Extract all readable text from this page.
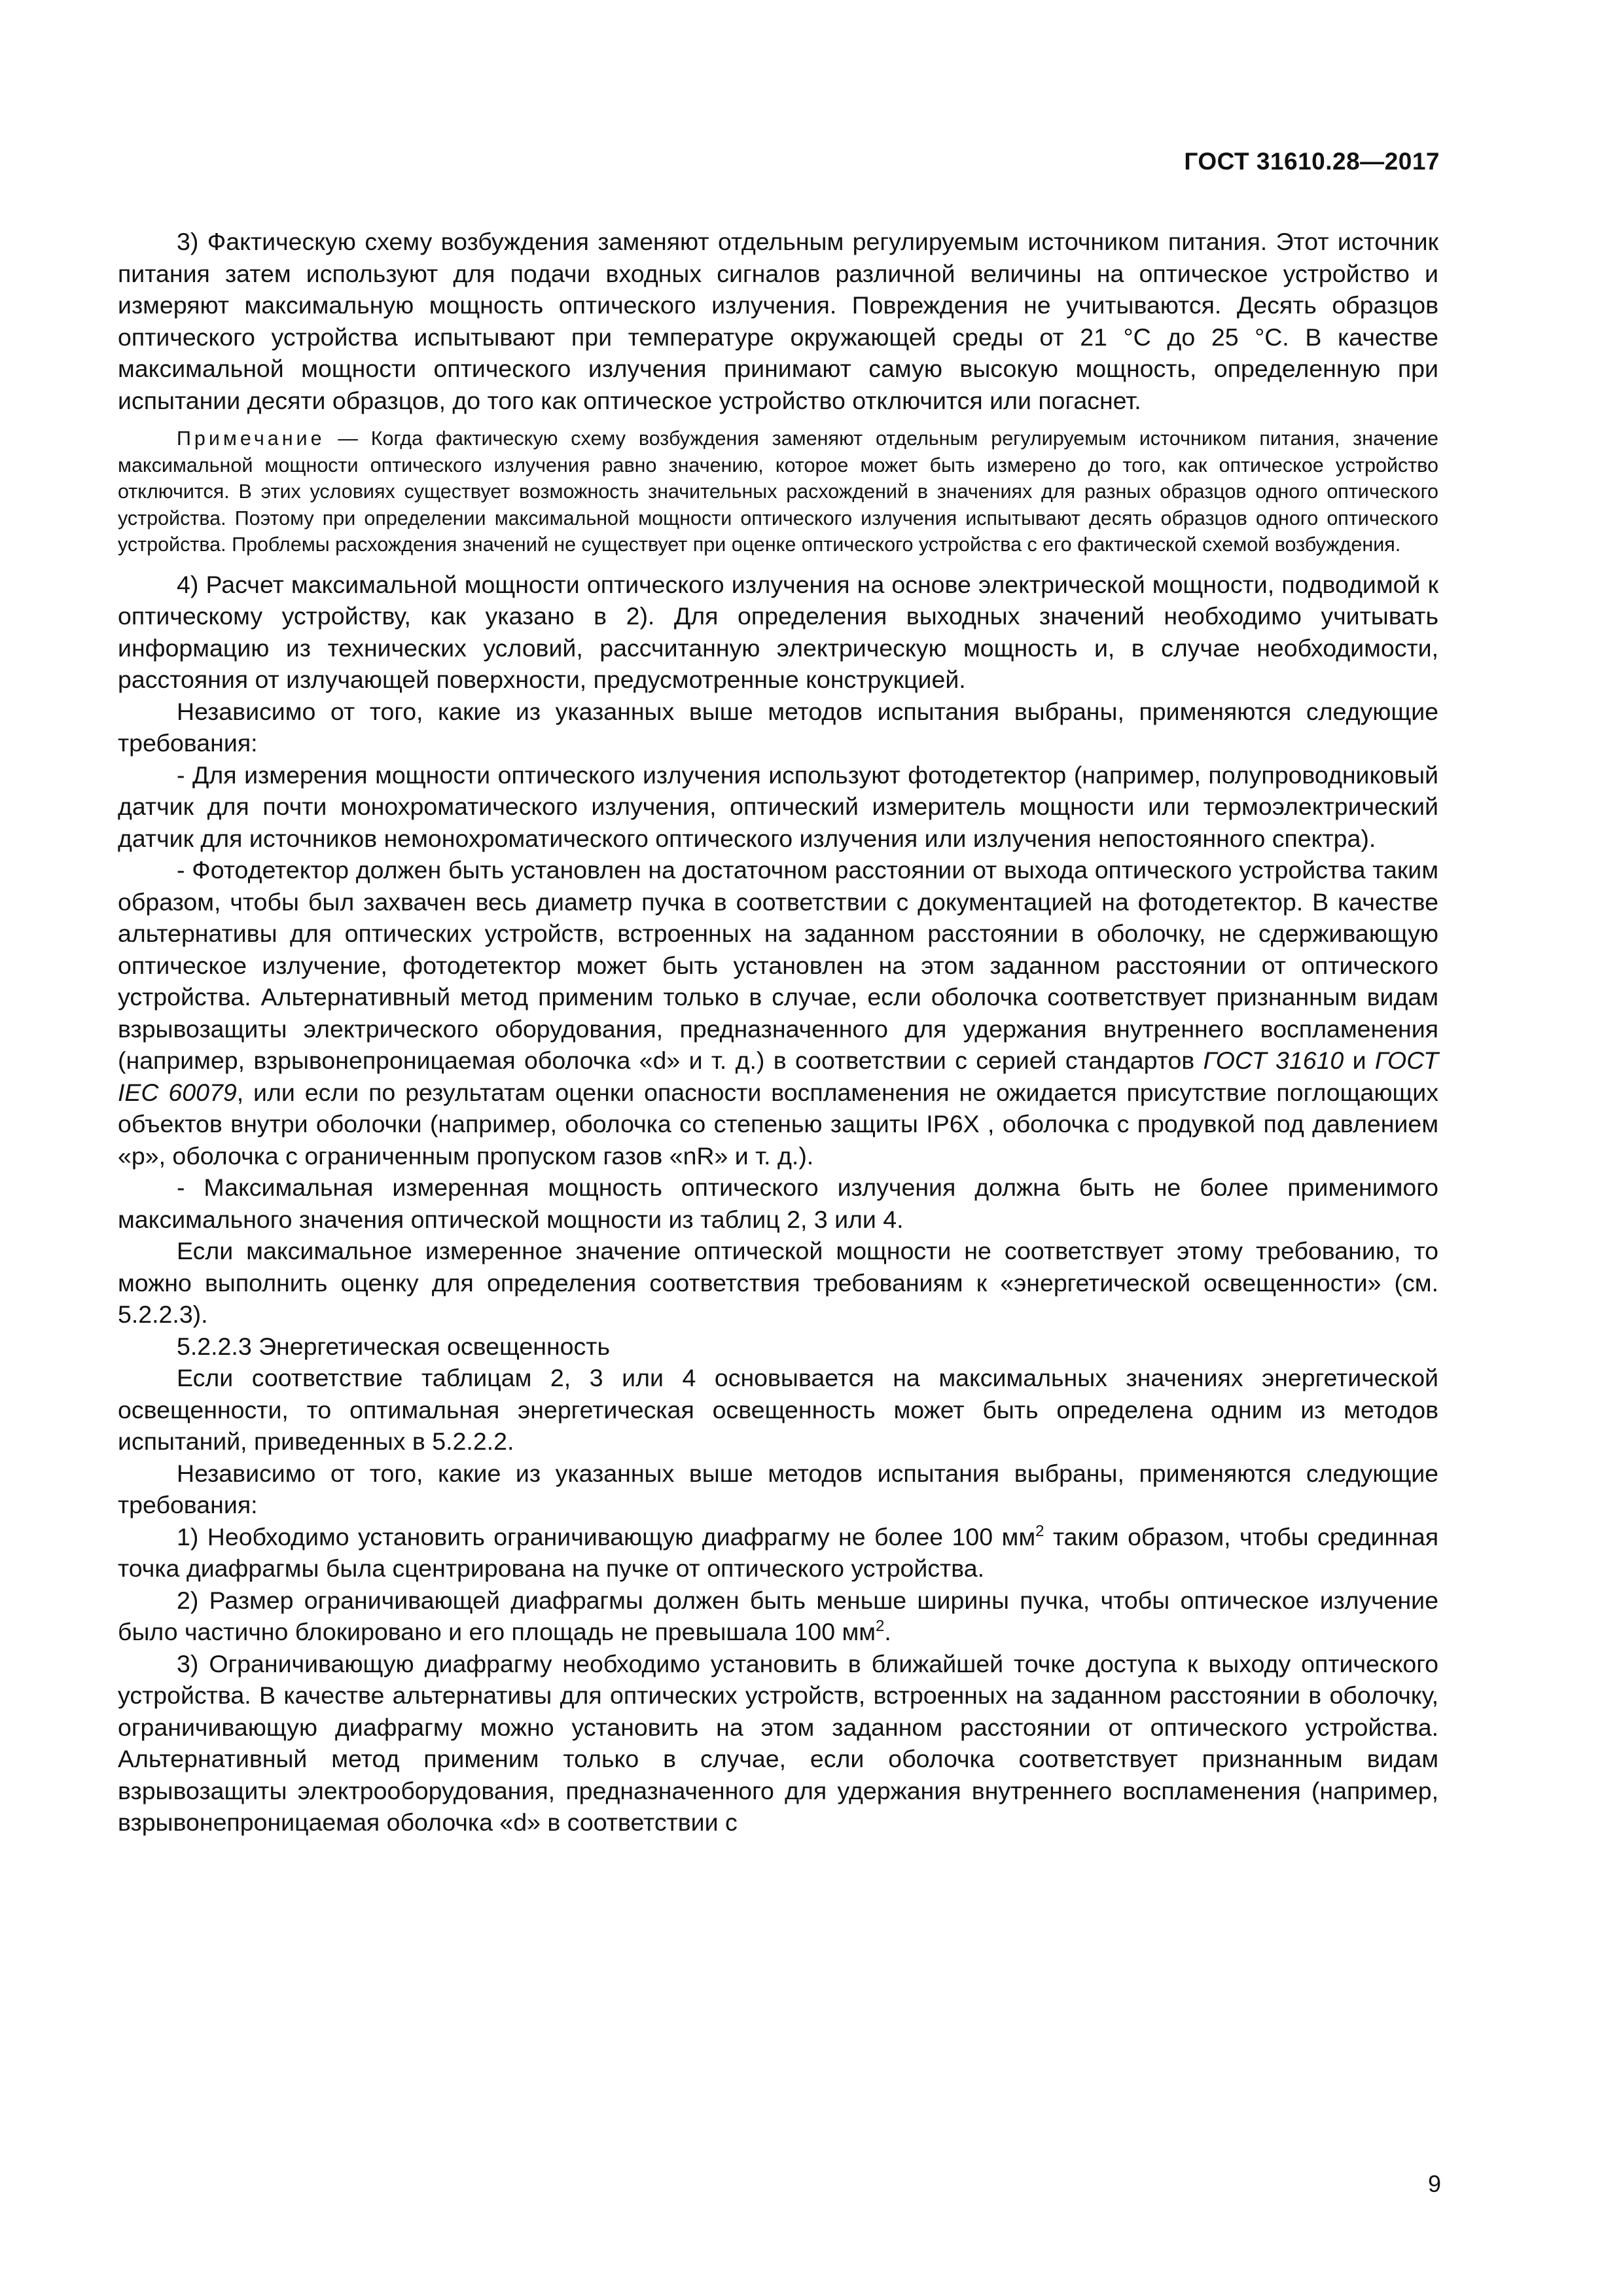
ГОСТ 31610.28—2017

3) Фактическую схему возбуждения заменяют отдельным регулируемым источником питания. Этот источник питания затем используют для подачи входных сигналов различной величины на оптическое устройство и измеряют максимальную мощность оптического излучения. Повреждения не учитываются. Десять образцов оптического устройства испытывают при температуре окружающей среды от 21 °С до 25 °С. В качестве максимальной мощности оптического излучения принимают самую высокую мощность, определенную при испытании десяти образцов, до того как оптическое устройство отключится или погаснет.

Примечание — Когда фактическую схему возбуждения заменяют отдельным регулируемым источником питания, значение максимальной мощности оптического излучения равно значению, которое может быть измерено до того, как оптическое устройство отключится. В этих условиях существует возможность значительных расхождений в значениях для разных образцов одного оптического устройства. Поэтому при определении максимальной мощности оптического излучения испытывают десять образцов одного оптического устройства. Проблемы расхождения значений не существует при оценке оптического устройства с его фактической схемой возбуждения.

4) Расчет максимальной мощности оптического излучения на основе электрической мощности, подводимой к оптическому устройству, как указано в 2). Для определения выходных значений необходимо учитывать информацию из технических условий, рассчитанную электрическую мощность и, в случае необходимости, расстояния от излучающей поверхности, предусмотренные конструкцией.

Независимо от того, какие из указанных выше методов испытания выбраны, применяются следующие требования:

- Для измерения мощности оптического излучения используют фотодетектор (например, полупроводниковый датчик для почти монохроматического излучения, оптический измеритель мощности или термоэлектрический датчик для источников немонохроматического оптического излучения или излучения непостоянного спектра).

- Фотодетектор должен быть установлен на достаточном расстоянии от выхода оптического устройства таким образом, чтобы был захвачен весь диаметр пучка в соответствии с документацией на фотодетектор. В качестве альтернативы для оптических устройств, встроенных на заданном расстоянии в оболочку, не сдерживающую оптическое излучение, фотодетектор может быть установлен на этом заданном расстоянии от оптического устройства. Альтернативный метод применим только в случае, если оболочка соответствует признанным видам взрывозащиты электрического оборудования, предназначенного для удержания внутреннего воспламенения (например, взрывонепроницаемая оболочка «d» и т. д.) в соответствии с серией стандартов ГОСТ 31610 и ГОСТ IEC 60079, или если по результатам оценки опасности воспламенения не ожидается присутствие поглощающих объектов внутри оболочки (например, оболочка со степенью защиты IP6X , оболочка с продувкой под давлением «р», оболочка с ограниченным пропуском газов «nR» и т. д.).

- Максимальная измеренная мощность оптического излучения должна быть не более применимого максимального значения оптической мощности из таблиц 2, 3 или 4.

Если максимальное измеренное значение оптической мощности не соответствует этому требованию, то можно выполнить оценку для определения соответствия требованиям к «энергетической освещенности» (см. 5.2.2.3).

5.2.2.3 Энергетическая освещенность

Если соответствие таблицам 2, 3 или 4 основывается на максимальных значениях энергетической освещенности, то оптимальная энергетическая освещенность может быть определена одним из методов испытаний, приведенных в 5.2.2.2.

Независимо от того, какие из указанных выше методов испытания выбраны, применяются следующие требования:

1) Необходимо установить ограничивающую диафрагму не более 100 $мм^2$ таким образом, чтобы срединная точка диафрагмы была сцентрирована на пучке от оптического устройства.

2) Размер ограничивающей диафрагмы должен быть меньше ширины пучка, чтобы оптическое излучение было частично блокировано и его площадь не превышала 100 $мм^2$.

3) Ограничивающую диафрагму необходимо установить в ближайшей точке доступа к выходу оптического устройства. В качестве альтернативы для оптических устройств, встроенных на заданном расстоянии в оболочку, ограничивающую диафрагму можно установить на этом заданном расстоянии от оптического устройства. Альтернативный метод применим только в случае, если оболочка соответствует признанным видам взрывозащиты электрооборудования, предназначенного для удержания внутреннего воспламенения (например, взрывонепроницаемая оболочка «d» в соответствии с

9
